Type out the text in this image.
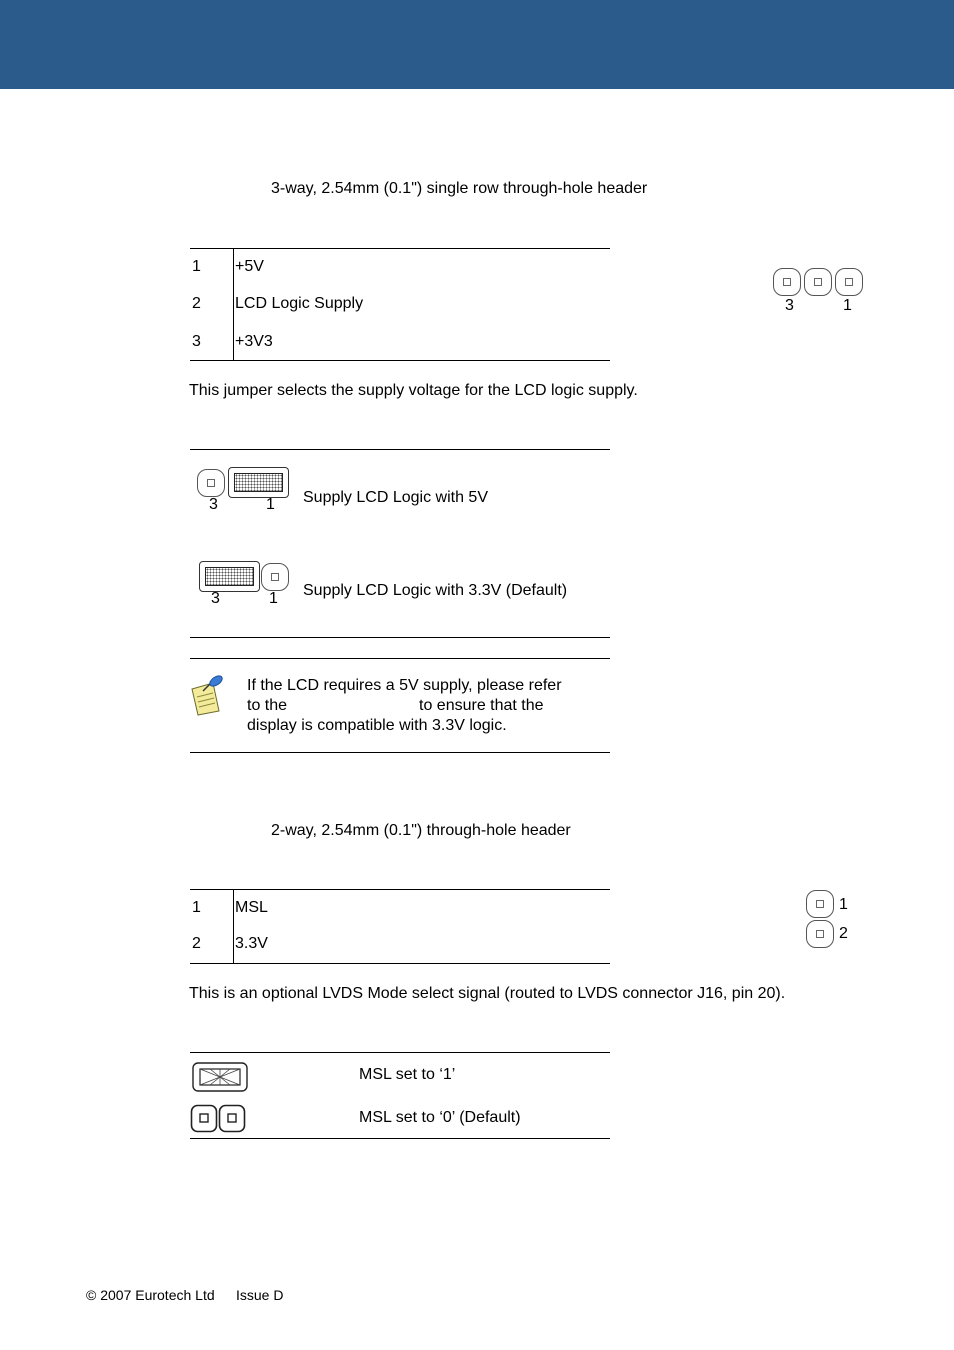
3-way, 2.54mm (0.1") single row through-hole header
1 +5V
2 LCD Logic Supply
3 +3V3
3	1
This jumper selects the supply voltage for the LCD logic supply.
3	1 Supply LCD Logic with 5V
3	1 Supply LCD Logic with 3.3V (Default)
If the LCD requires a 5V supply, please refer
to the	to ensure that the
display is compatible with 3.3V logic.
2-way, 2.54mm (0.1") through-hole header
1 MSL
2 3.3V
1
2
This is an optional LVDS Mode select signal (routed to LVDS connector J16, pin 20).
MSL set to ‘1’
MSL set to ‘0’ (Default)
© 2007 Eurotech Ltd Issue D
